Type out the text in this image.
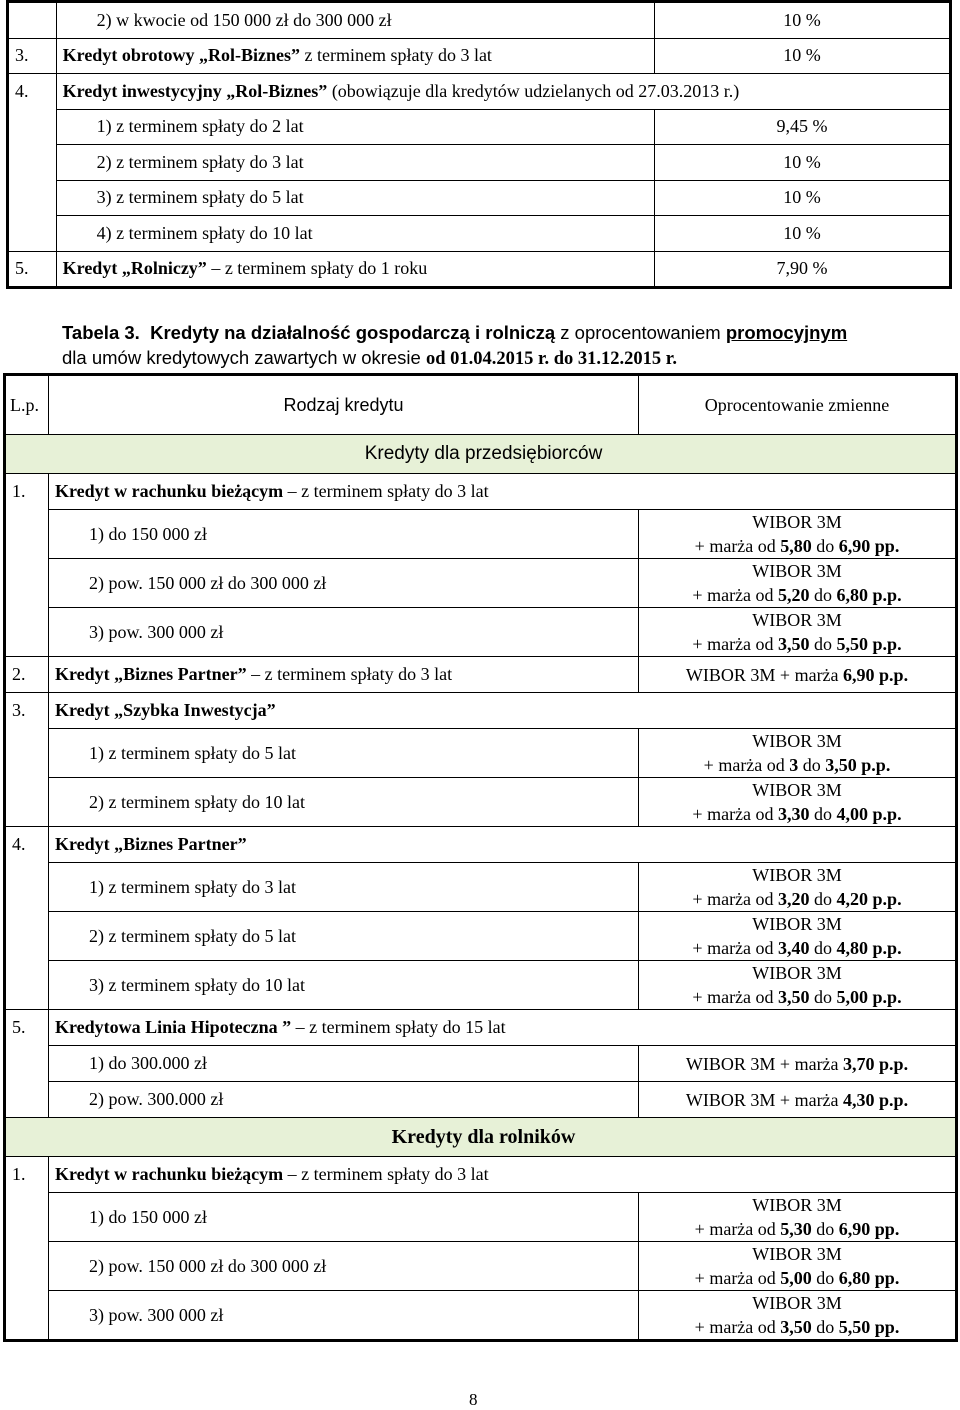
	2) w kwocie od 150 000 zł do 300 000 zł	10 %
3.	Kredyt obrotowy „Rol-Biznes” z terminem spłaty do 3 lat	10 %
4.	Kredyt inwestycyjny „Rol-Biznes” (obowiązuje dla kredytów udzielanych od 27.03.2013 r.)	
	1) z terminem spłaty do 2 lat	9,45 %
	2) z terminem spłaty do 3 lat	10 %
	3) z terminem spłaty do 5 lat	10 %
	4) z terminem spłaty do 10 lat	10 %
5.	Kredyt „Rolniczy” – z terminem spłaty do 1 roku	7,90 %
Tabela 3. Kredyty na działalność gospodarczą i rolniczą z oprocentowaniem promocyjnym
dla umów kredytowych zawartych w okresie od 01.04.2015 r. do 31.12.2015 r.
L.p.	Rodzaj kredytu	Oprocentowanie zmienne
Kredyty dla przedsiębiorców		
1.	Kredyt w rachunku bieżącym – z terminem spłaty do 3 lat	
	1) do 150 000 zł	WIBOR 3M
+ marża od 5,80 do 6,90 pp.

	2) pow. 150 000 zł do 300 000 zł	WIBOR 3M
+ marża od 5,20 do 6,80 p.p.

	3) pow. 300 000 zł	WIBOR 3M
+ marża od 3,50 do 5,50 p.p.

2.	Kredyt „Biznes Partner” – z terminem spłaty do 3 lat	WIBOR 3M + marża 6,90 p.p.
3.	Kredyt „Szybka Inwestycja”	
	1) z terminem spłaty do 5 lat	WIBOR 3M
+ marża od 3 do 3,50 p.p.

	2) z terminem spłaty do 10 lat	WIBOR 3M
+ marża od 3,30 do 4,00 p.p.

4.	Kredyt „Biznes Partner”	
	1) z terminem spłaty do 3 lat	WIBOR 3M
+ marża od 3,20 do 4,20 p.p.

	2) z terminem spłaty do 5 lat	WIBOR 3M
+ marża od 3,40 do 4,80 p.p.

	3) z terminem spłaty do 10 lat	WIBOR 3M
+ marża od 3,50 do 5,00 p.p.

5.	Kredytowa Linia Hipoteczna ” – z terminem spłaty do 15 lat	
	1) do 300.000 zł	WIBOR 3M + marża 3,70 p.p.
	2) pow. 300.000 zł	WIBOR 3M + marża 4,30 p.p.
Kredyty dla rolników		
1.	Kredyt w rachunku bieżącym – z terminem spłaty do 3 lat	
	1) do 150 000 zł	WIBOR 3M
+ marża od 5,30 do 6,90 pp.

	2) pow. 150 000 zł do 300 000 zł	WIBOR 3M
+ marża od 5,00 do 6,80 pp.

	3) pow. 300 000 zł	WIBOR 3M
+ marża od 3,50 do 5,50 pp.
8
